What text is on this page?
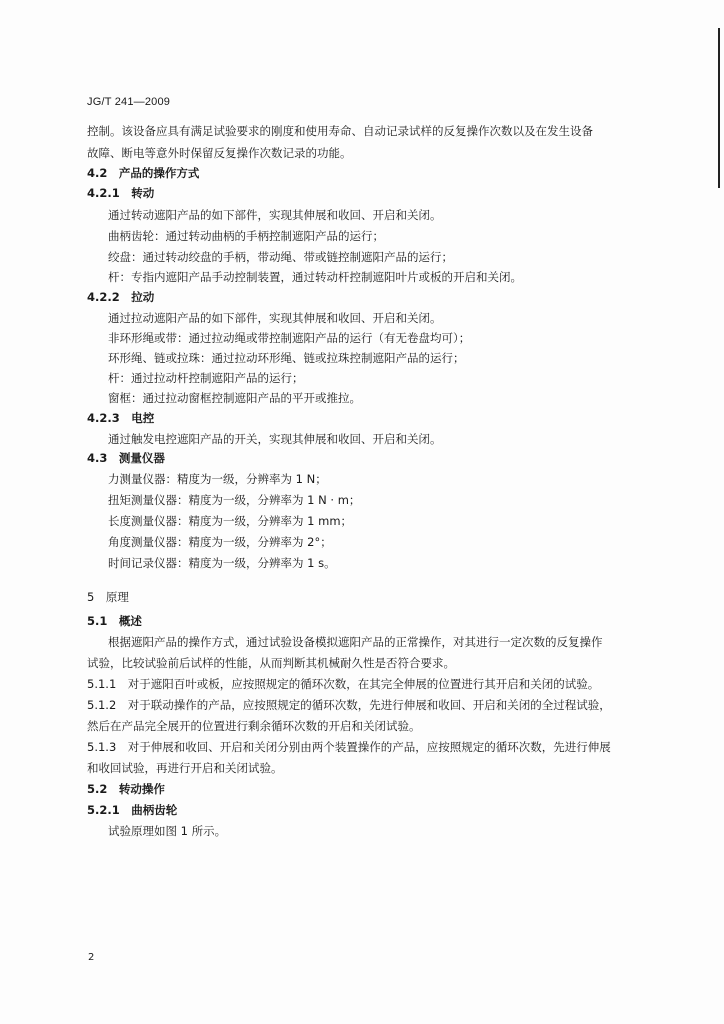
JG/T 241—2009
控制。该设备应具有满足试验要求的刚度和使用寿命、自动记录试样的反复操作次数以及在发生设备
故障、断电等意外时保留反复操作次数记录的功能。
4.2　产品的操作方式
4.2.1　转动
通过转动遮阳产品的如下部件，实现其伸展和收回、开启和关闭。
曲柄齿轮：通过转动曲柄的手柄控制遮阳产品的运行；
绞盘：通过转动绞盘的手柄，带动绳、带或链控制遮阳产品的运行；
杆：专指内遮阳产品手动控制装置，通过转动杆控制遮阳叶片或板的开启和关闭。
4.2.2　拉动
通过拉动遮阳产品的如下部件，实现其伸展和收回、开启和关闭。
非环形绳或带：通过拉动绳或带控制遮阳产品的运行（有无卷盘均可）；
环形绳、链或拉珠：通过拉动环形绳、链或拉珠控制遮阳产品的运行；
杆：通过拉动杆控制遮阳产品的运行；
窗框：通过拉动窗框控制遮阳产品的平开或推拉。
4.2.3　电控
通过触发电控遮阳产品的开关，实现其伸展和收回、开启和关闭。
4.3　测量仪器
力测量仪器：精度为一级，分辨率为 1 N；
扭矩测量仪器：精度为一级，分辨率为 1 N · m；
长度测量仪器：精度为一级，分辨率为 1 mm；
角度测量仪器：精度为一级，分辨率为 2°；
时间记录仪器：精度为一级，分辨率为 1 s。
5　原理
5.1　概述
根据遮阳产品的操作方式，通过试验设备模拟遮阳产品的正常操作，对其进行一定次数的反复操作
试验，比较试验前后试样的性能，从而判断其机械耐久性是否符合要求。
5.1.1　对于遮阳百叶或板，应按照规定的循环次数，在其完全伸展的位置进行其开启和关闭的试验。
5.1.2　对于联动操作的产品，应按照规定的循环次数，先进行伸展和收回、开启和关闭的全过程试验，
然后在产品完全展开的位置进行剩余循环次数的开启和关闭试验。
5.1.3　对于伸展和收回、开启和关闭分别由两个装置操作的产品，应按照规定的循环次数，先进行伸展
和收回试验，再进行开启和关闭试验。
5.2　转动操作
5.2.1　曲柄齿轮
试验原理如图 1 所示。
2
